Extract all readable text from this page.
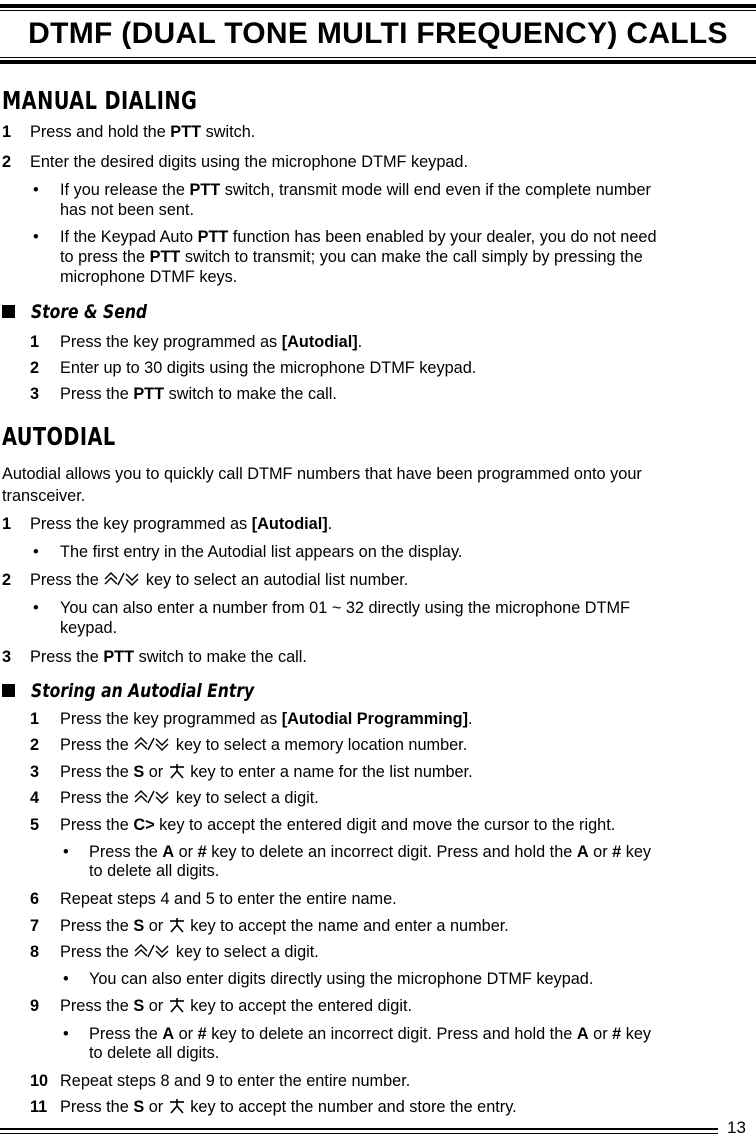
DTMF (DUAL TONE MULTI FREQUENCY) CALLS
MANUAL DIALING
1 Press and hold the PTT switch.
2 Enter the desired digits using the microphone DTMF keypad.
• If you release the PTT switch, transmit mode will end even if the complete number
has not been sent.
• If the Keypad Auto PTT function has been enabled by your dealer, you do not need
to press the PTT switch to transmit; you can make the call simply by pressing the
microphone DTMF keys.
Store & Send
1 Press the key programmed as [Autodial].
2 Enter up to 30 digits using the microphone DTMF keypad.
3 Press the PTT switch to make the call.
AUTODIAL
Autodial allows you to quickly call DTMF numbers that have been programmed onto your
transceiver.
1 Press the key programmed as [Autodial].
• The first entry in the Autodial list appears on the display.
2 Press the  key to select an autodial list number.
• You can also enter a number from 01 ~ 32 directly using the microphone DTMF
keypad.
3 Press the PTT switch to make the call.
Storing an Autodial Entry
1 Press the key programmed as [Autodial Programming].
2 Press the  key to select a memory location number.
3 Press the S or  key to enter a name for the list number.
4 Press the  key to select a digit.
5 Press the C> key to accept the entered digit and move the cursor to the right.
• Press the A or # key to delete an incorrect digit. Press and hold the A or # key
to delete all digits.
6 Repeat steps 4 and 5 to enter the entire name.
7 Press the S or  key to accept the name and enter a number.
8 Press the  key to select a digit.
• You can also enter digits directly using the microphone DTMF keypad.
9 Press the S or  key to accept the entered digit.
• Press the A or # key to delete an incorrect digit. Press and hold the A or # key
to delete all digits.
10 Repeat steps 8 and 9 to enter the entire number.
11 Press the S or  key to accept the number and store the entry.
13
